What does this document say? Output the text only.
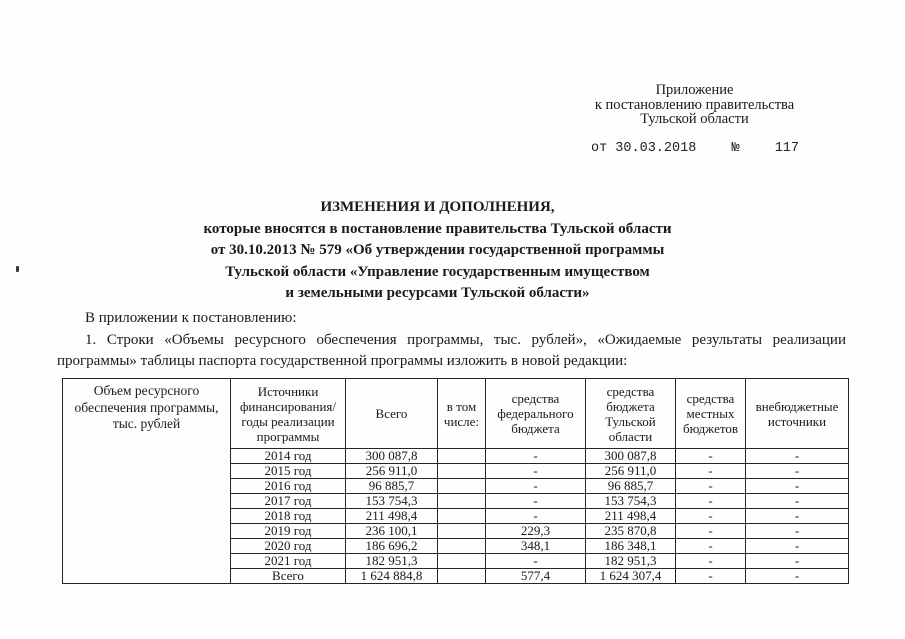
Приложение
к постановлению правительства
Тульской области
от 30.03.2018	№	117
ИЗМЕНЕНИЯ И ДОПОЛНЕНИЯ,
которые вносятся в постановление правительства Тульской области
от 30.10.2013 № 579 «Об утверждении государственной программы
Тульской области «Управление государственным имуществом
и земельными ресурсами Тульской области»

В приложении к постановлению:

1. Строки «Объемы ресурсного обеспечения программы, тыс. рублей», «Ожидаемые результаты реализации программы» таблицы паспорта государственной программы изложить в новой редакции:

Объем ресурсного обеспечения программы, тыс. рублей	Источники финансирования/ годы реализации программы	Всего	в том числе:	средства федерального бюджета	средства бюджета Тульской области	средства местных бюджетов	внебюджетные источники
	2014 год	300 087,8		-	300 087,8	-	-
	2015 год	256 911,0		-	256 911,0	-	-
	2016 год	96 885,7		-	96 885,7	-	-
	2017 год	153 754,3		-	153 754,3	-	-
	2018 год	211 498,4		-	211 498,4	-	-
	2019 год	236 100,1		229,3	235 870,8	-	-
	2020 год	186 696,2		348,1	186 348,1	-	-
	2021 год	182 951,3		-	182 951,3	-	-
	Всего	1 624 884,8		577,4	1 624 307,4	-	-
